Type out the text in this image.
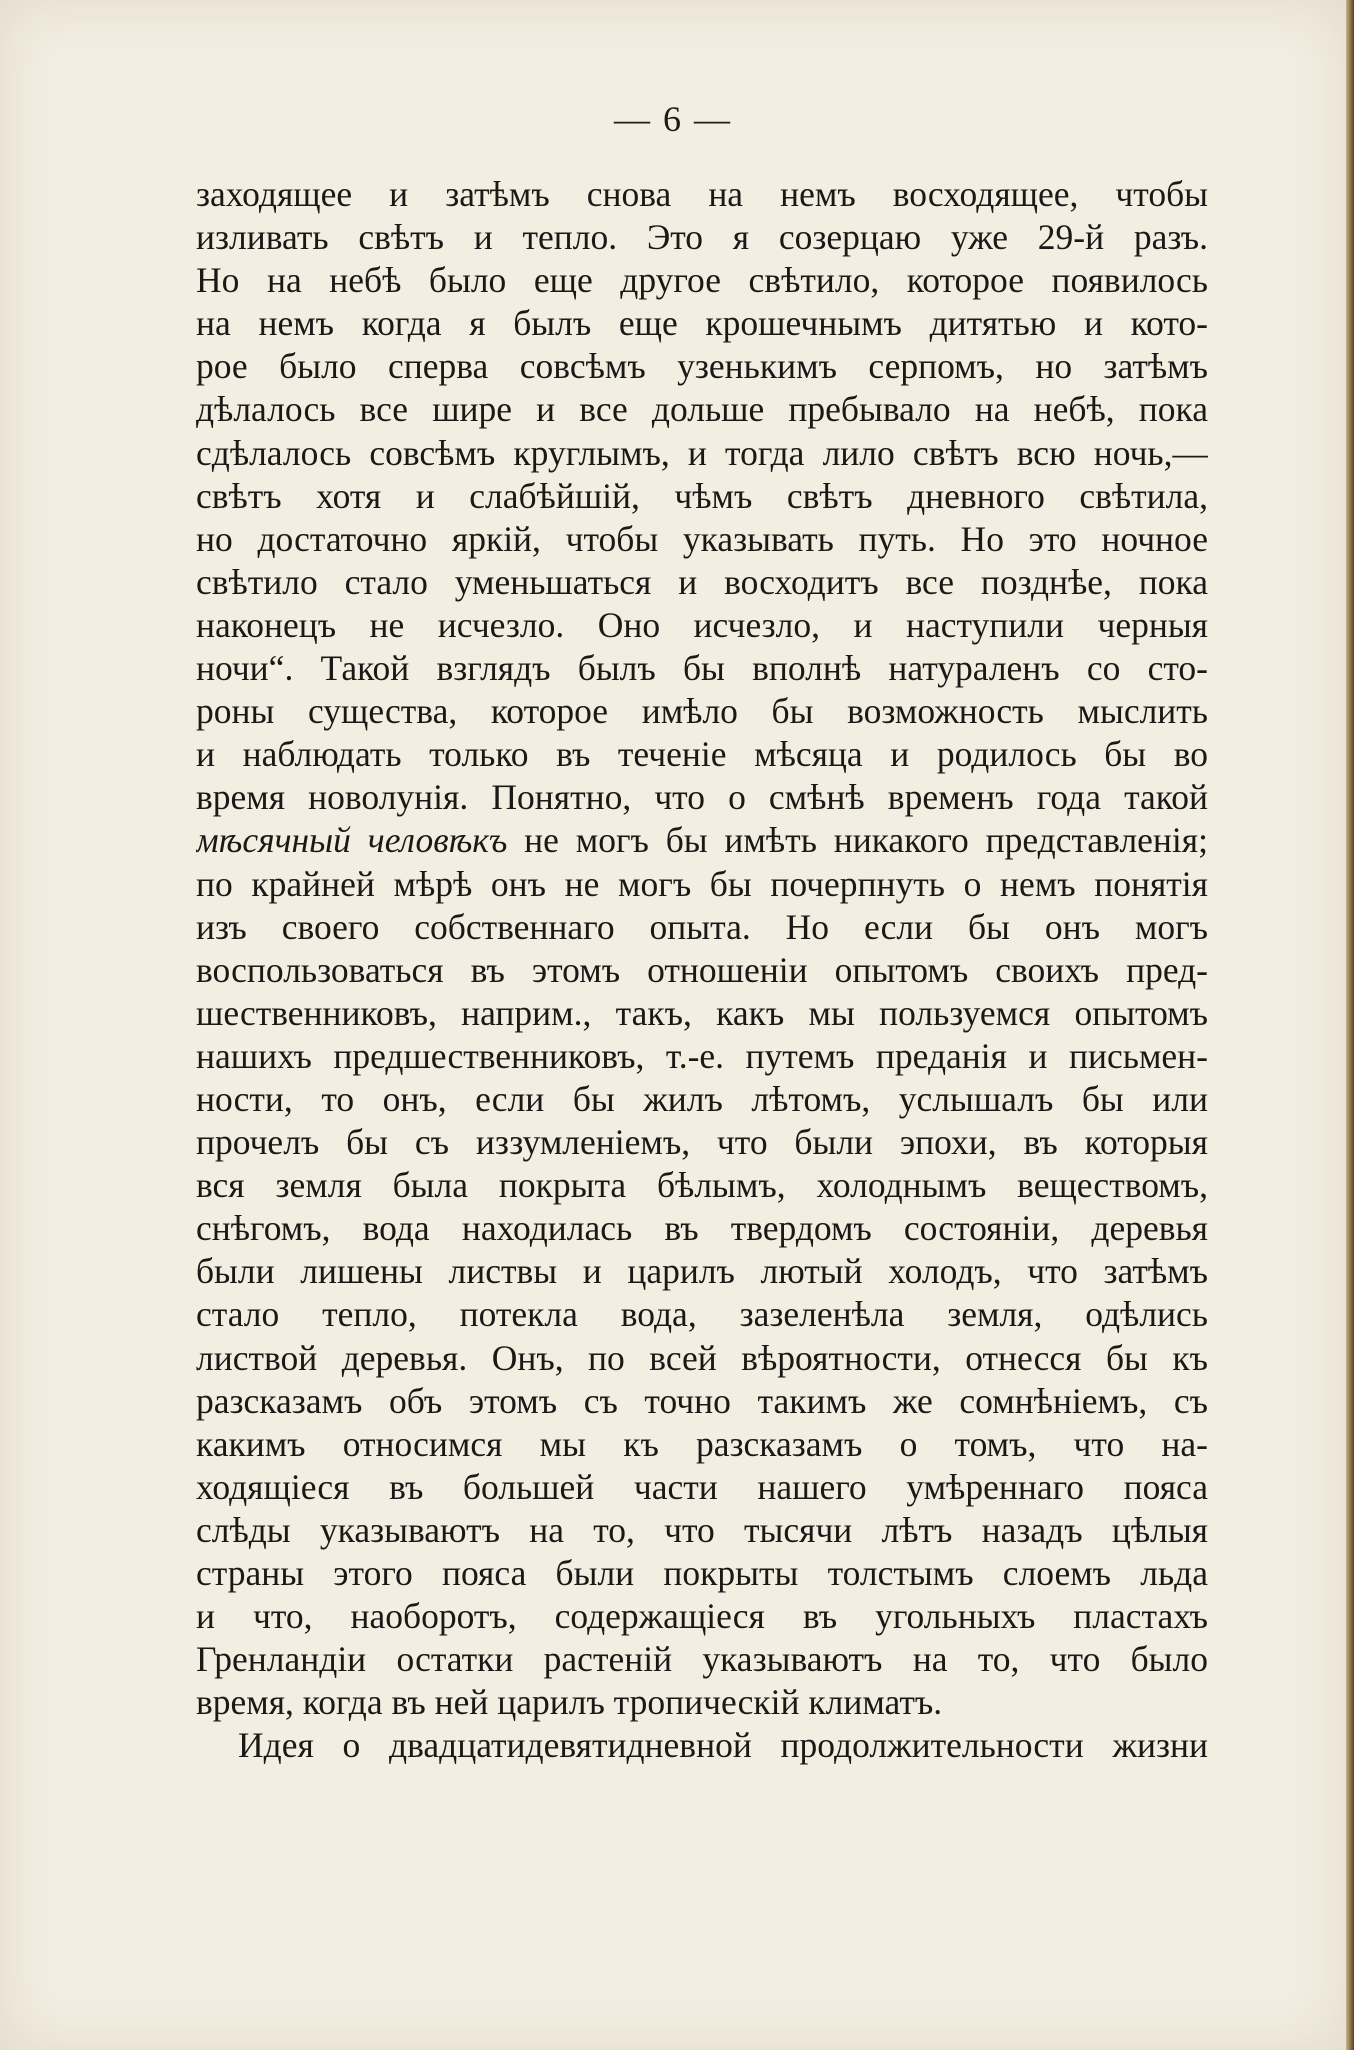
— 6 —
заходящее и затѣмъ снова на немъ восходящее, чтобы
изливать свѣтъ и тепло. Это я созерцаю уже 29-й разъ.
Но на небѣ было еще другое свѣтило, которое появилось
на немъ когда я былъ еще крошечнымъ дитятью и кото-
рое было сперва совсѣмъ узенькимъ серпомъ, но затѣмъ
дѣлалось все шире и все дольше пребывало на небѣ, пока
сдѣлалось совсѣмъ круглымъ, и тогда лило свѣтъ всю ночь,—
свѣтъ хотя и слабѣйшій, чѣмъ свѣтъ дневного свѣтила,
но достаточно яркій, чтобы указывать путь. Но это ночное
свѣтило стало уменьшаться и восходитъ все позднѣе, пока
наконецъ не исчезло. Оно исчезло, и наступили черныя
ночи“. Такой взглядъ былъ бы вполнѣ натураленъ со сто-
роны существа, которое имѣло бы возможность мыслить
и наблюдать только въ теченіе мѣсяца и родилось бы во
время новолунія. Понятно, что о смѣнѣ временъ года такой
мѣсячный человѣкъ не могъ бы имѣть никакого представленія;
по крайней мѣрѣ онъ не могъ бы почерпнуть о немъ понятія
изъ своего собственнаго опыта. Но если бы онъ могъ
воспользоваться въ этомъ отношеніи опытомъ своихъ пред-
шественниковъ, наприм., такъ, какъ мы пользуемся опытомъ
нашихъ предшественниковъ, т.-е. путемъ преданія и письмен-
ности, то онъ, если бы жилъ лѣтомъ, услышалъ бы или
прочелъ бы съ иззумленіемъ, что были эпохи, въ которыя
вся земля была покрыта бѣлымъ, холоднымъ веществомъ,
снѣгомъ, вода находилась въ твердомъ состояніи, деревья
были лишены листвы и царилъ лютый холодъ, что затѣмъ
стало тепло, потекла вода, зазеленѣла земля, одѣлись
листвой деревья. Онъ, по всей вѣроятности, отнесся бы къ
разсказамъ объ этомъ съ точно такимъ же сомнѣніемъ, съ
какимъ относимся мы къ разсказамъ о томъ, что на-
ходящіеся въ большей части нашего умѣреннаго пояса
слѣды указываютъ на то, что тысячи лѣтъ назадъ цѣлыя
страны этого пояса были покрыты толстымъ слоемъ льда
и что, наоборотъ, содержащіеся въ угольныхъ пластахъ
Гренландіи остатки растеній указываютъ на то, что было
время, когда въ ней царилъ тропическій климатъ.
Идея о двадцатидевятидневной продолжительности жизни
